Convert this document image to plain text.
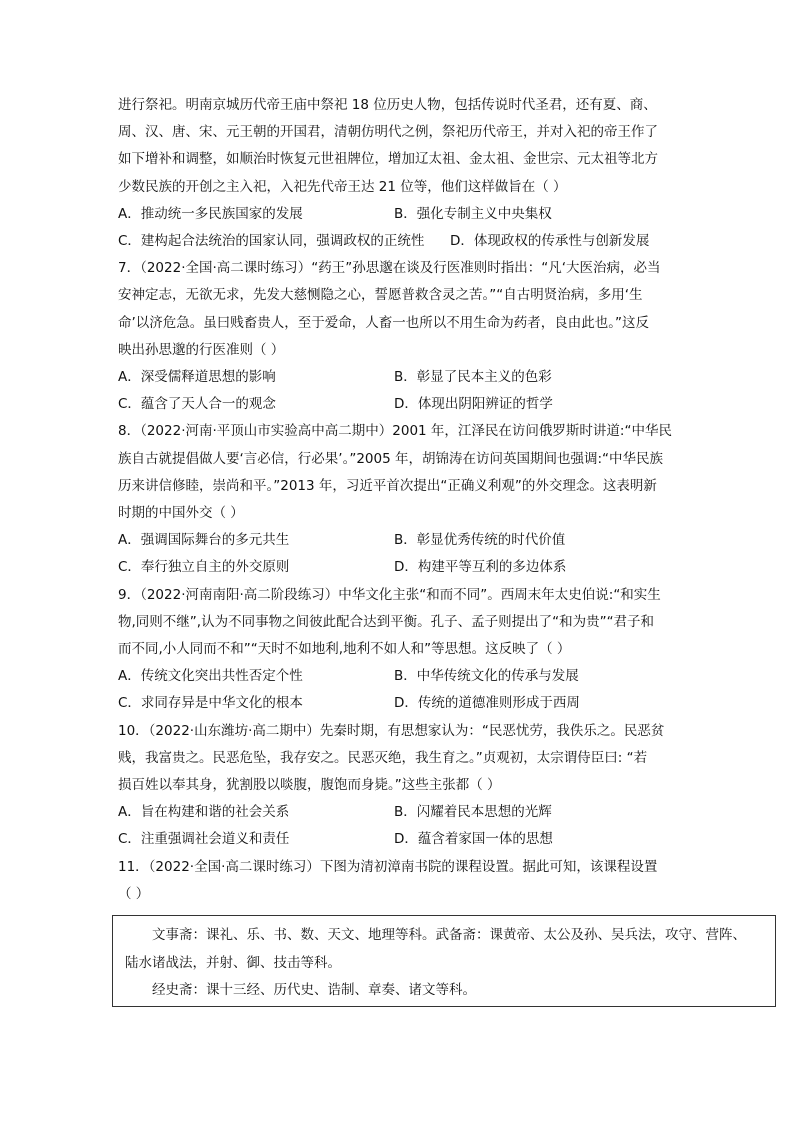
进行祭祀。明南京城历代帝王庙中祭祀 18 位历史人物，包括传说时代圣君，还有夏、商、

周、汉、唐、宋、元王朝的开国君，清朝仿明代之例，祭祀历代帝王，并对入祀的帝王作了

如下增补和调整，如顺治时恢复元世祖牌位，增加辽太祖、金太祖、金世宗、元太祖等北方

少数民族的开创之主入祀，入祀先代帝王达 21 位等，他们这样做旨在（ ）

A．推动统一多民族国家的发展	B．强化专制主义中央集权
C．建构起合法统治的国家认同，强调政权的正统性	D．体现政权的传承性与创新发展

7．（2022·全国·高二课时练习）“药王”孙思邈在谈及行医准则时指出：“凡‘大医治病，必当

安神定志，无欲无求，先发大慈恻隐之心，誓愿普救含灵之苦。”“自古明贤治病，多用‘生

命’以济危急。虽曰贱畜贵人，至于爱命，人畜一也所以不用生命为药者，良由此也。”这反

映出孙思邈的行医准则（ ）

A．深受儒释道思想的影响	B．彰显了民本主义的色彩
C．蕴含了天人合一的观念	D．体现出阴阳辨证的哲学

8．（2022·河南·平顶山市实验高中高二期中）2001 年，江泽民在访问俄罗斯时讲道:“中华民

族自古就提倡做人要‘言必信，行必果’。”2005 年，胡锦涛在访问英国期间也强调:“中华民族

历来讲信修睦，崇尚和平。”2013 年，习近平首次提出“正确义利观”的外交理念。这表明新

时期的中国外交（ ）

A．强调国际舞台的多元共生	B．彰显优秀传统的时代价值
C．奉行独立自主的外交原则	D．构建平等互利的多边体系

9．（2022·河南南阳·高二阶段练习）中华文化主张“和而不同”。西周末年太史伯说:“和实生

物,同则不继”,认为不同事物之间彼此配合达到平衡。孔子、孟子则提出了“和为贵”“君子和

而不同,小人同而不和”“天时不如地利,地利不如人和”等思想。这反映了（ ）

A．传统文化突出共性否定个性	B．中华传统文化的传承与发展
C．求同存异是中华文化的根本	D．传统的道德准则形成于西周

10．（2022·山东潍坊·高二期中）先秦时期，有思想家认为：“民恶忧劳，我佚乐之。民恶贫

贱，我富贵之。民恶危坠，我存安之。民恶灭绝，我生育之。”贞观初，太宗谓侍臣曰: “若

损百姓以奉其身，犹割股以啖腹，腹饱而身毙。”这些主张都（ ）

A．旨在构建和谐的社会关系	B．闪耀着民本思想的光辉
C．注重强调社会道义和责任	D．蕴含着家国一体的思想

11．（2022·全国·高二课时练习）下图为清初漳南书院的课程设置。据此可知，该课程设置

（ ）

　　文事斋：课礼、乐、书、数、天文、地理等科。武备斋：课黄帝、太公及孙、吴兵法，攻守、营阵、

陆水诸战法，并射、御、技击等科。

　　经史斋：课十三经、历代史、诰制、章奏、诸文等科。
